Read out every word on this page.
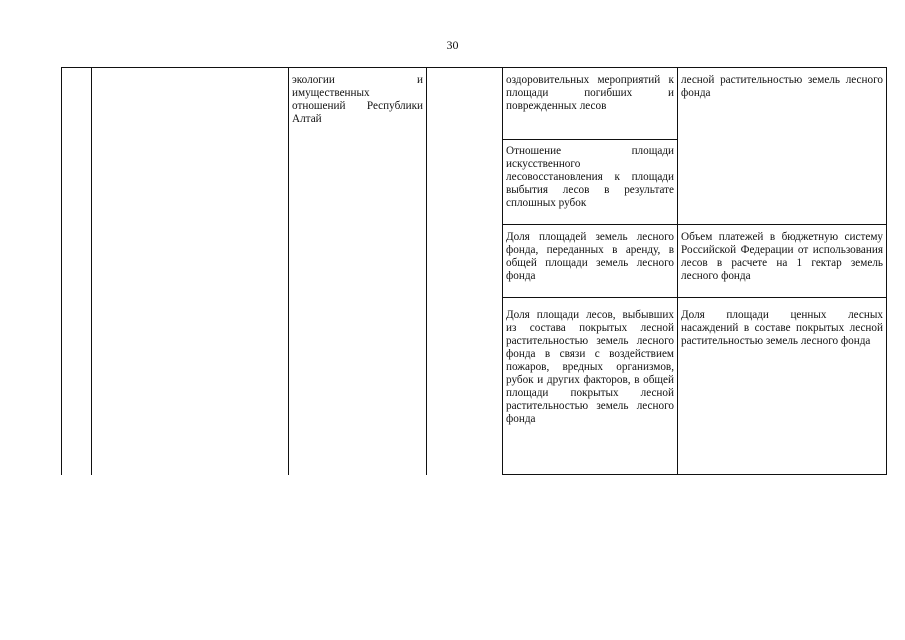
30
экологии и имущественных отношений Республики Алтай
оздоровительных мероприятий к площади погибших и поврежденных лесов
Отношение площади искусственного лесовосстановления к площади выбытия лесов в результате сплошных рубок
Доля площадей земель лесного фонда, переданных в аренду, в общей площади земель лесного фонда
Доля площади лесов, выбывших из состава покрытых лесной растительностью земель лесного фонда в связи с воздействием пожаров, вредных организмов, рубок и других факторов, в общей площади покрытых лесной растительностью земель лесного фонда
лесной растительностью земель лесного фонда
Объем платежей в бюджетную систему Российской Федерации от использования лесов в расчете на 1 гектар земель лесного фонда
Доля площади ценных лесных насаждений в составе покрытых лесной растительностью земель лесного фонда
